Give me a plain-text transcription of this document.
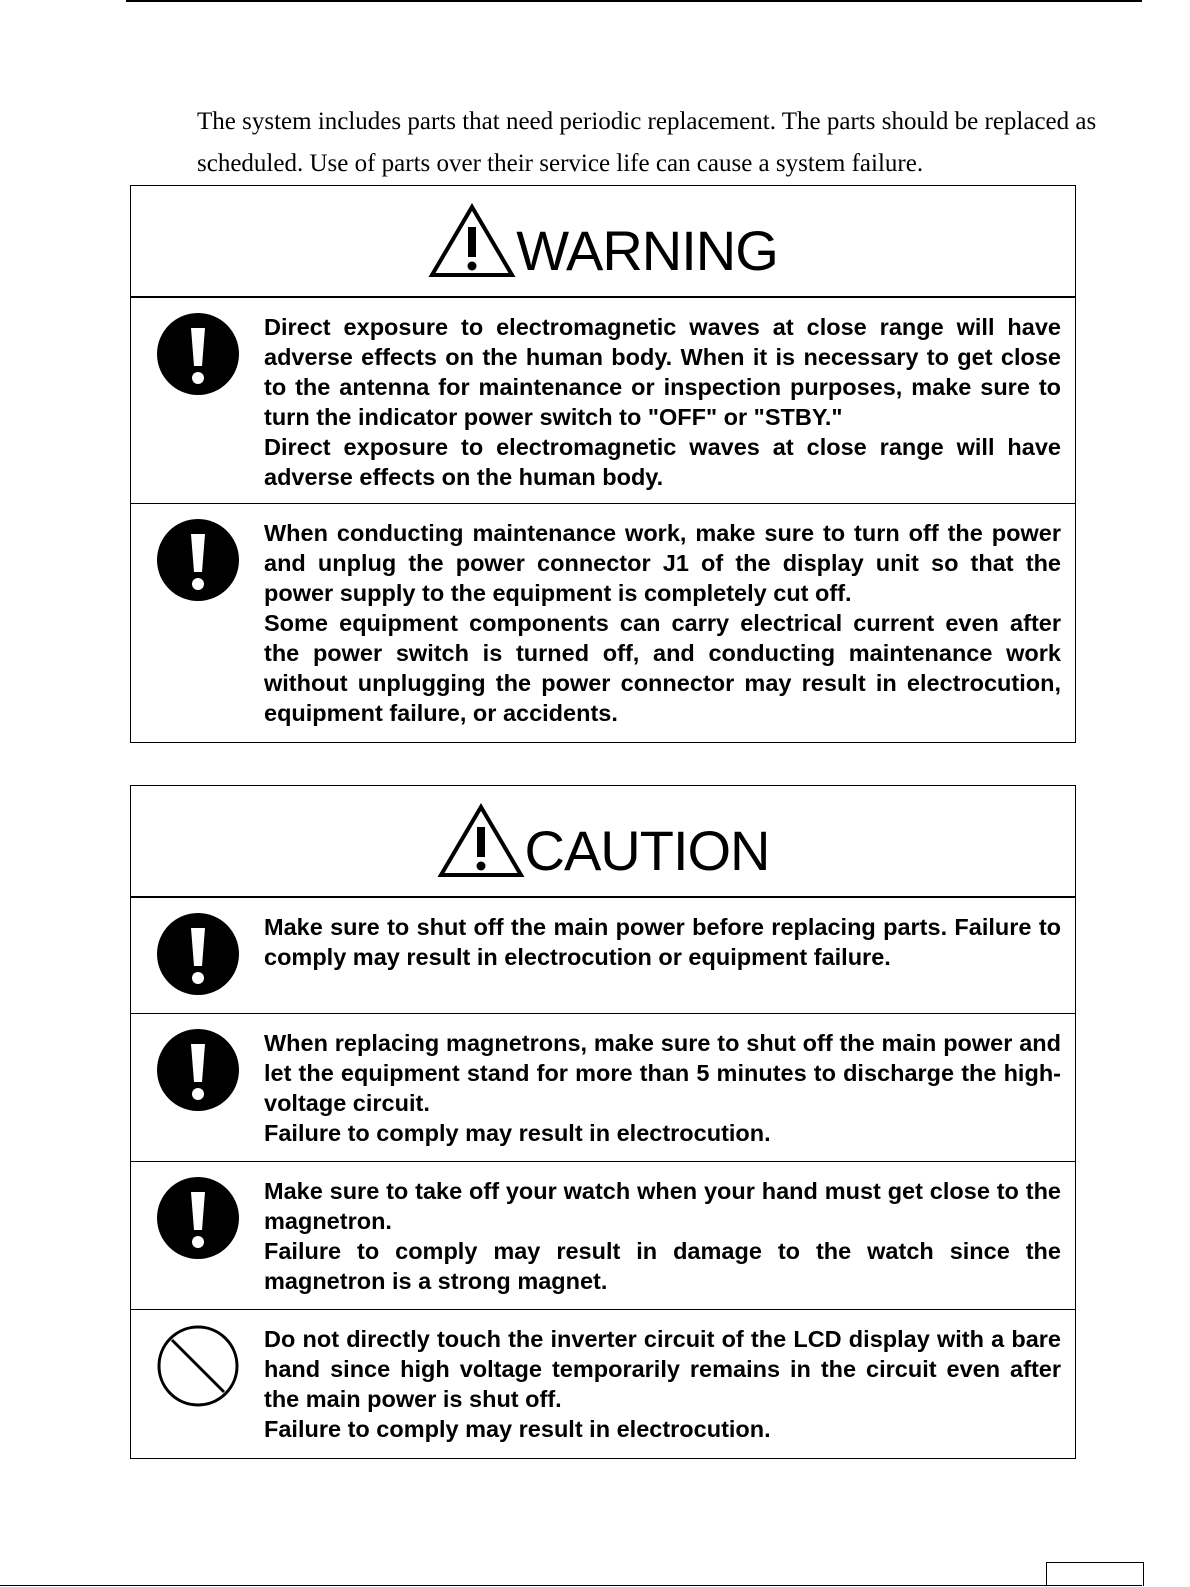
The system includes parts that need periodic replacement. The parts should be replaced as scheduled. Use of parts over their service life can cause a system failure.

WARNING
Direct exposure to electromagnetic waves at close range will have adverse effects on the human body. When it is necessary to get close to the antenna for maintenance or inspection purposes, make sure to turn the indicator power switch to "OFF" or "STBY."
Direct exposure to electromagnetic waves at close range will have adverse effects on the human body.
When conducting maintenance work, make sure to turn off the power and unplug the power connector J1 of the display unit so that the power supply to the equipment is completely cut off.
Some equipment components can carry electrical current even after the power switch is turned off, and conducting maintenance work without unplugging the power connector may result in electrocution, equipment failure, or accidents.
CAUTION
Make sure to shut off the main power before replacing parts. Failure to comply may result in electrocution or equipment failure.
When replacing magnetrons, make sure to shut off the main power and let the equipment stand for more than 5 minutes to discharge the high-voltage circuit.
Failure to comply may result in electrocution.
Make sure to take off your watch when your hand must get close to the magnetron.
Failure to comply may result in damage to the watch since the magnetron is a strong magnet.
Do not directly touch the inverter circuit of the LCD display with a bare hand since high voltage temporarily remains in the circuit even after the main power is shut off.
Failure to comply may result in electrocution.
